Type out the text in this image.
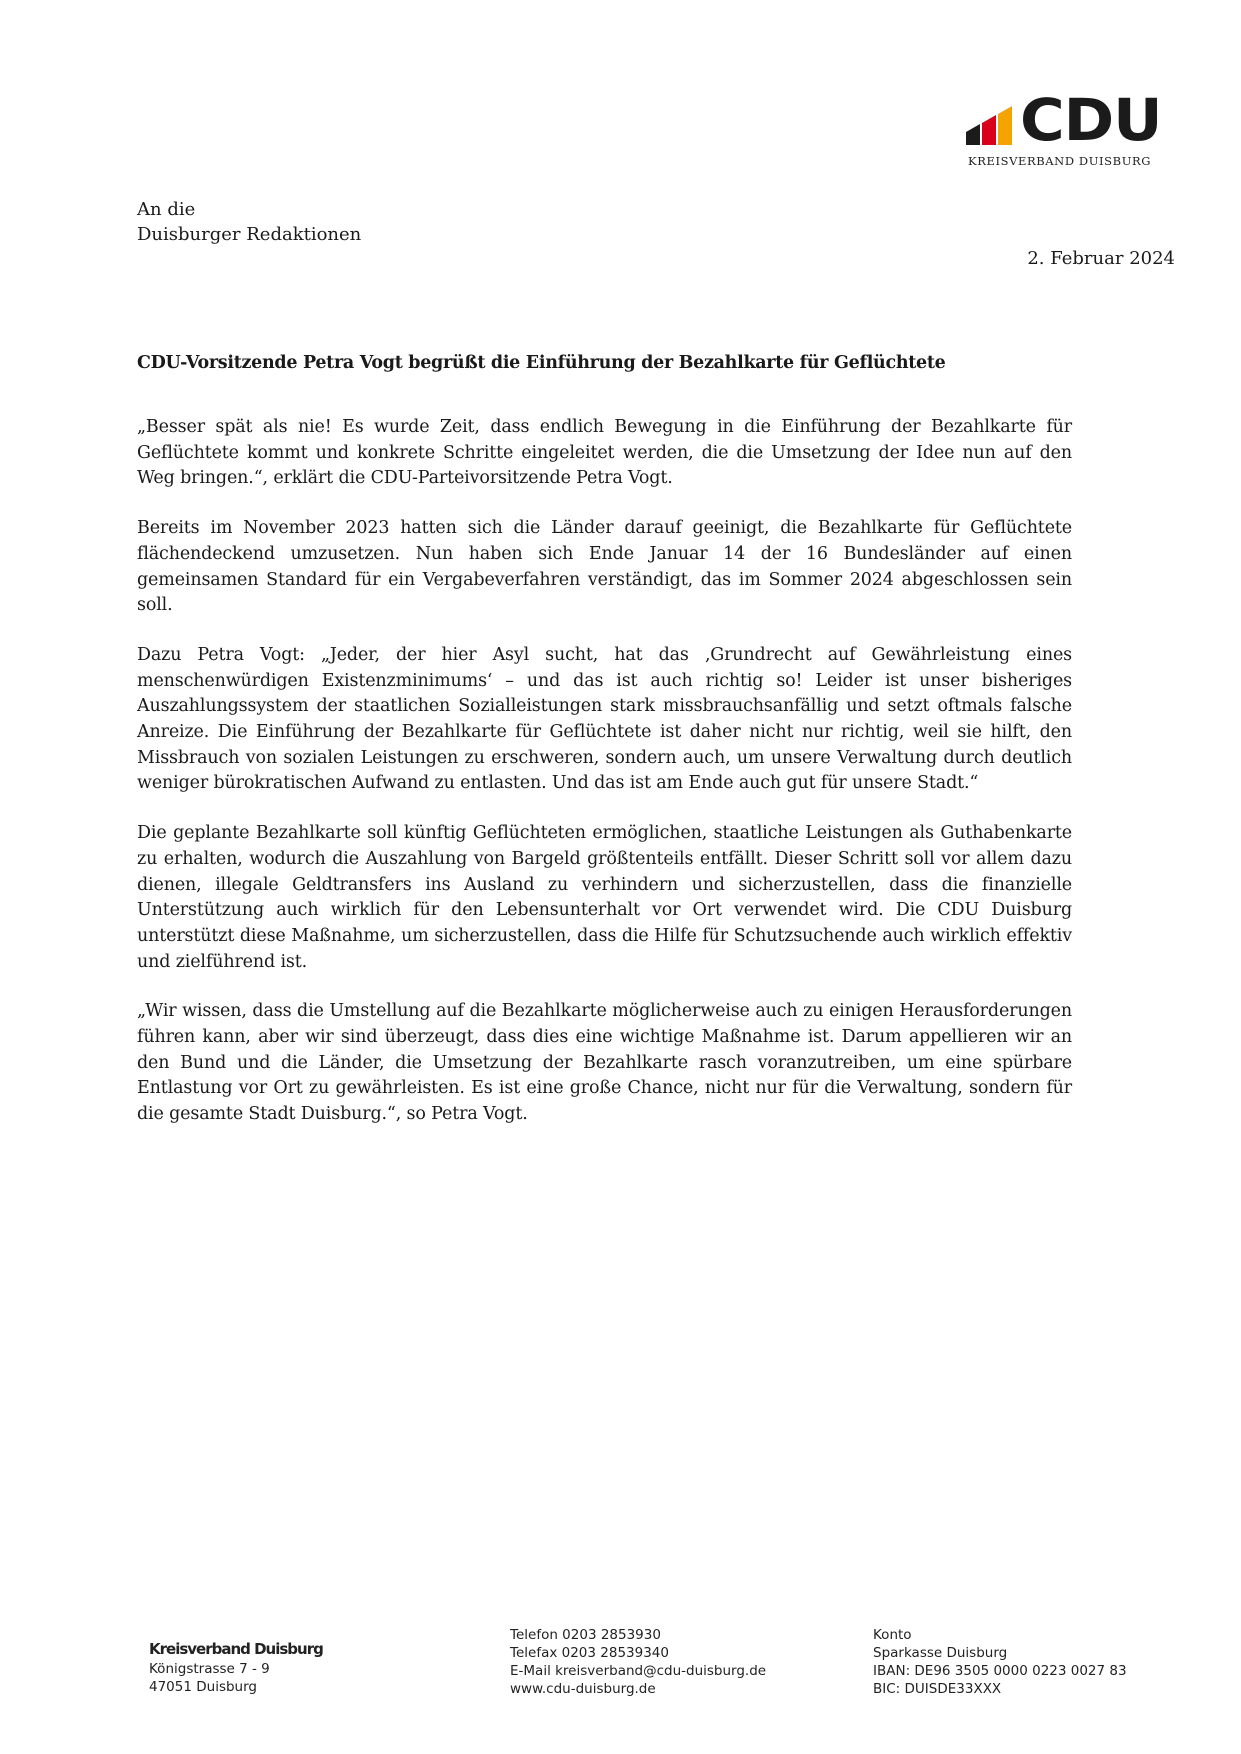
CDU
KREISVERBAND DUISBURG
An die
Duisburger Redaktionen
2. Februar 2024
CDU-Vorsitzende Petra Vogt begrüßt die Einführung der Bezahlkarte für Geflüchtete

„Besser spät als nie! Es wurde Zeit, dass endlich Bewegung in die Einführung der Bezahlkarte für Geflüchtete kommt und konkrete Schritte eingeleitet werden, die die Umsetzung der Idee nun auf den Weg bringen.“, erklärt die CDU-Parteivorsitzende Petra Vogt.

Bereits im November 2023 hatten sich die Länder darauf geeinigt, die Bezahlkarte für Geflüchtete flächendeckend umzusetzen. Nun haben sich Ende Januar 14 der 16 Bundesländer auf einen gemeinsamen Standard für ein Vergabeverfahren verständigt, das im Sommer 2024 abgeschlossen sein soll.

Dazu Petra Vogt: „Jeder, der hier Asyl sucht, hat das ‚Grundrecht auf Gewährleistung eines menschenwürdigen Existenzminimums‘ – und das ist auch richtig so! Leider ist unser bisheriges Auszahlungssystem der staatlichen Sozialleistungen stark missbrauchsanfällig und setzt oftmals falsche Anreize. Die Einführung der Bezahlkarte für Geflüchtete ist daher nicht nur richtig, weil sie hilft, den Missbrauch von sozialen Leistungen zu erschweren, sondern auch, um unsere Verwaltung durch deutlich weniger bürokratischen Aufwand zu entlasten. Und das ist am Ende auch gut für unsere Stadt.“

Die geplante Bezahlkarte soll künftig Geflüchteten ermöglichen, staatliche Leistungen als Guthabenkarte zu erhalten, wodurch die Auszahlung von Bargeld größtenteils entfällt. Dieser Schritt soll vor allem dazu dienen, illegale Geldtransfers ins Ausland zu verhindern und sicherzustellen, dass die finanzielle Unterstützung auch wirklich für den Lebensunterhalt vor Ort verwendet wird. Die CDU Duisburg unterstützt diese Maßnahme, um sicherzustellen, dass die Hilfe für Schutzsuchende auch wirklich effektiv und zielführend ist.

„Wir wissen, dass die Umstellung auf die Bezahlkarte möglicherweise auch zu einigen Herausforderungen führen kann, aber wir sind überzeugt, dass dies eine wichtige Maßnahme ist. Darum appellieren wir an den Bund und die Länder, die Umsetzung der Bezahlkarte rasch voranzutreiben, um eine spürbare Entlastung vor Ort zu gewährleisten. Es ist eine große Chance, nicht nur für die Verwaltung, sondern für die gesamte Stadt Duisburg.“, so Petra Vogt.

Kreisverband Duisburg
Königstrasse 7 - 9
47051 Duisburg
Telefon 0203 2853930
Telefax 0203 28539340
E-Mail kreisverband@cdu-duisburg.de
www.cdu-duisburg.de
Konto
Sparkasse Duisburg
IBAN: DE96 3505 0000 0223 0027 83
BIC: DUISDE33XXX
